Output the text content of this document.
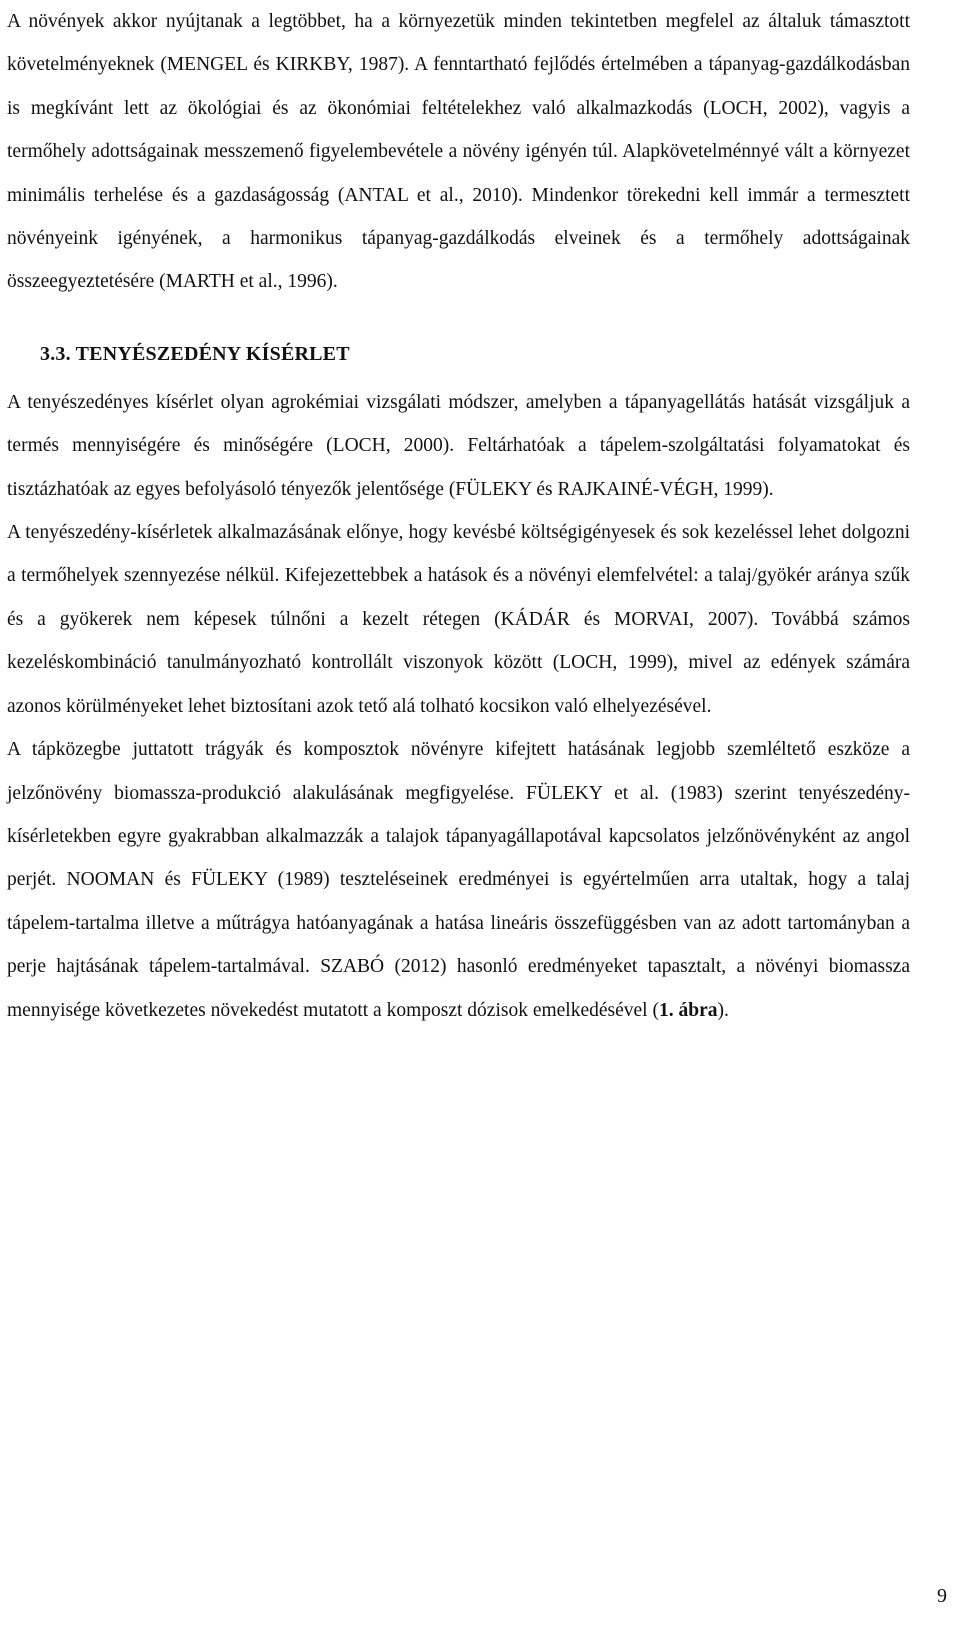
A növények akkor nyújtanak a legtöbbet, ha a környezetük minden tekintetben megfelel az általuk támasztott követelményeknek (MENGEL és KIRKBY, 1987). A fenntartható fejlődés értelmében a tápanyag-gazdálkodásban is megkívánt lett az ökológiai és az ökonómiai feltételekhez való alkalmazkodás (LOCH, 2002), vagyis a termőhely adottságainak messzemenő figyelembevétele a növény igényén túl. Alapkövetelménnyé vált a környezet minimális terhelése és a gazdaságosság (ANTAL et al., 2010). Mindenkor törekedni kell immár a termesztett növényeink igényének, a harmonikus tápanyag-gazdálkodás elveinek és a termőhely adottságainak összeegyeztetésére (MARTH et al., 1996).

3.3. TENYÉSZEDÉNY KÍSÉRLET

A tenyészedényes kísérlet olyan agrokémiai vizsgálati módszer, amelyben a tápanyagellátás hatását vizsgáljuk a termés mennyiségére és minőségére (LOCH, 2000). Feltárhatóak a tápelem-szolgáltatási folyamatokat és tisztázhatóak az egyes befolyásoló tényezők jelentősége (FÜLEKY és RAJKAINÉ-VÉGH, 1999).

A tenyészedény-kísérletek alkalmazásának előnye, hogy kevésbé költségigényesek és sok kezeléssel lehet dolgozni a termőhelyek szennyezése nélkül. Kifejezettebbek a hatások és a növényi elemfelvétel: a talaj/gyökér aránya szűk és a gyökerek nem képesek túlnőni a kezelt rétegen (KÁDÁR és MORVAI, 2007). Továbbá számos kezeléskombináció tanulmányozható kontrollált viszonyok között (LOCH, 1999), mivel az edények számára azonos körülményeket lehet biztosítani azok tető alá tolható kocsikon való elhelyezésével.

A tápközegbe juttatott trágyák és komposztok növényre kifejtett hatásának legjobb szemléltető eszköze a jelzőnövény biomassza-produkció alakulásának megfigyelése. FÜLEKY et al. (1983) szerint tenyészedény-kísérletekben egyre gyakrabban alkalmazzák a talajok tápanyagállapotával kapcsolatos jelzőnövényként az angol perjét. NOOMAN és FÜLEKY (1989) teszteléseinek eredményei is egyértelműen arra utaltak, hogy a talaj tápelem-tartalma illetve a műtrágya hatóanyagának a hatása lineáris összefüggésben van az adott tartományban a perje hajtásának tápelem-tartalmával. SZABÓ (2012) hasonló eredményeket tapasztalt, a növényi biomassza mennyisége következetes növekedést mutatott a komposzt dózisok emelkedésével (1. ábra).

9
